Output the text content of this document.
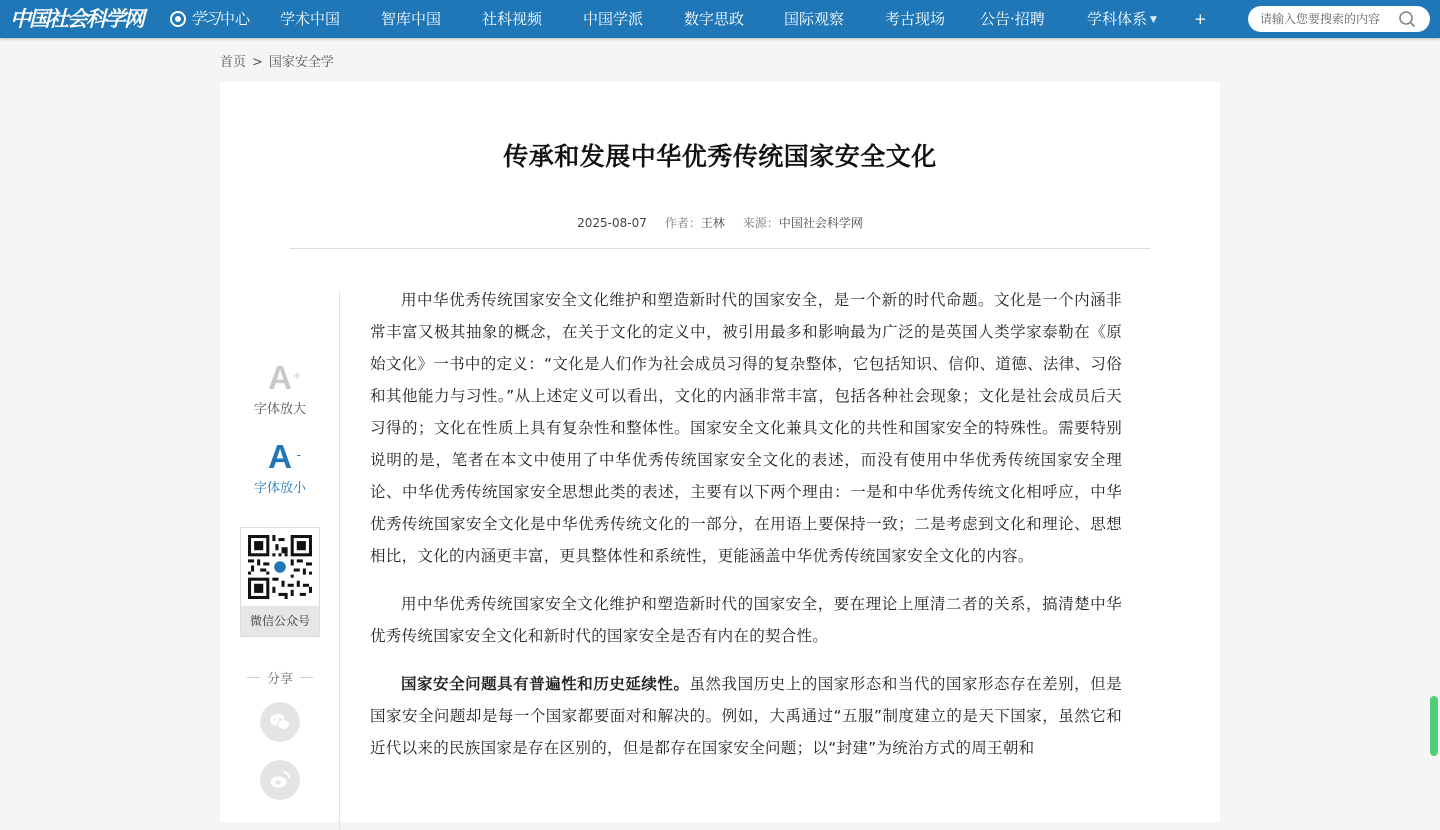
中国社会科学网	学习 中心 学术中国	智库中国	社科视频	中国学派	数字思政	国际观察	考古现场 公告·招聘	学科体系 ▼ +
请输入您要搜索的内容
首页 > 国家安全学
传承和发展中华优秀传统国家安全文化
2025-08-07 作者：王林 来源：中国社会科学网
A +
字体放大
A -
字体放小
微信公众号
分享

用中华优秀传统国家安全文化维护和塑造新时代的国家安全，是一个新的时代命题。文化是一个内涵非常丰富又极其抽象的概念，在关于文化的定义中，被引用最多和影响最为广泛的是英国人类学家泰勒在《原始文化》一书中的定义：“文化是人们作为社会成员习得的复杂整体，它包括知识、信仰、道德、法律、习俗和其他能力与习性。”从上述定义可以看出，文化的内涵非常丰富，包括各种社会现象；文化是社会成员后天习得的；文化在性质上具有复杂性和整体性。国家安全文化兼具文化的共性和国家安全的特殊性。需要特别说明的是，笔者在本文中使用了中华优秀传统国家安全文化的表述，而没有使用中华优秀传统国家安全理论、中华优秀传统国家安全思想此类的表述，主要有以下两个理由：一是和中华优秀传统文化相呼应，中华优秀传统国家安全文化是中华优秀传统文化的一部分，在用语上要保持一致；二是考虑到文化和理论、思想相比，文化的内涵更丰富，更具整体性和系统性，更能涵盖中华优秀传统国家安全文化的内容。

用中华优秀传统国家安全文化维护和塑造新时代的国家安全，要在理论上厘清二者的关系，搞清楚中华优秀传统国家安全文化和新时代的国家安全是否有内在的契合性。

国家安全问题具有普遍性和历史延续性。虽然我国历史上的国家形态和当代的国家形态存在差别，但是国家安全问题却是每一个国家都要面对和解决的。例如，大禹通过“五服”制度建立的是天下国家，虽然它和近代以来的民族国家是存在区别的，但是都存在国家安全问题；以“封建”为统治方式的周王朝和
